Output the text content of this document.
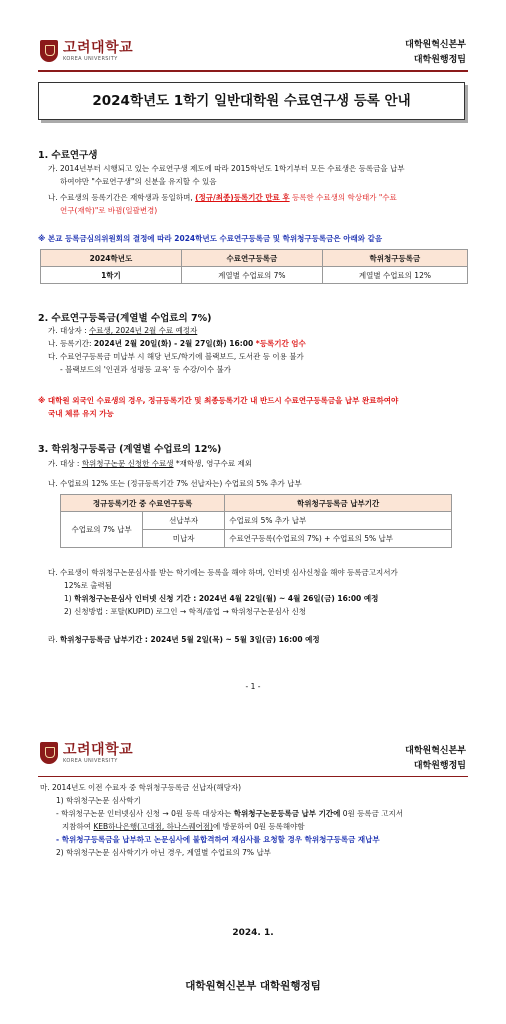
고려대학교
KOREA UNIVERSITY
대학원혁신본부
대학원행정팀
2024학년도 1학기 일반대학원 수료연구생 등록 안내
1. 수료연구생
가. 2014년부터 시행되고 있는 수료연구생 제도에 따라 2015학년도 1학기부터 모든 수료생은 등록금을 납부
하여야만 "수료연구생"의 신분을 유지할 수 있음
나. 수료생의 등록기간은 재학생과 동일하며, (정규/최종)등록기간 만료 후 등록한 수료생의 학상태가 "수료
연구(재학)"로 바뀜(일괄변경)
※ 본교 등록금심의위원회의 결정에 따라 2024학년도 수료연구등록금 및 학위청구등록금은 아래와 같음
2024학년도	수료연구등록금	학위청구등록금
1학기	계열별 수업료의 7%	계열별 수업료의 12%
2. 수료연구등록금(계열별 수업료의 7%)
가. 대상자 : 수료생, 2024년 2월 수료 예정자
나. 등록기간: 2024년 2월 20일(화) - 2월 27일(화) 16:00 *등록기간 엄수
다. 수료연구등록금 미납부 시 해당 년도/학기에 블랙보드, 도서관 등 이용 불가
- 블랙보드의 '인권과 성평등 교육' 등 수강/이수 불가
※ 대학원 외국인 수료생의 경우, 정규등록기간 및 최종등록기간 내 반드시 수료연구등록금을 납부 완료하여야
국내 체류 유지 가능
3. 학위청구등록금 (계열별 수업료의 12%)
가. 대상 : 학위청구논문 신청한 수료생 *재학생, 영구수료 제외
나. 수업료의 12% 또는 (정규등록기간 7% 선납자는) 수업료의 5% 추가 납부
정규등록기간 중 수료연구등록		학위청구등록금 납부기간
수업료의 7% 납부	선납부자	수업료의 5% 추가 납부
	미납자	수료연구등록(수업료의 7%) + 수업료의 5% 납부
다. 수료생이 학위청구논문심사를 받는 학기에는 등록을 해야 하며, 인터넷 심사신청을 해야 등록금고지서가
12%로 출력됨
1) 학위청구논문심사 인터넷 신청 기간 : 2024년 4월 22일(월) ~ 4월 26일(금) 16:00 예정
2) 신청방법 : 포탈(KUPID) 로그인 → 학적/졸업 → 학위청구논문심사 신청
라. 학위청구등록금 납부기간 : 2024년 5월 2일(목) ~ 5월 3일(금) 16:00 예정
- 1 -
고려대학교
KOREA UNIVERSITY
대학원혁신본부
대학원행정팀
마. 2014년도 이전 수료자 중 학위청구등록금 선납자(해당자)
1) 학위청구논문 심사학기
- 학위청구논문 인터넷심사 신청 → 0원 등록 대상자는 학위청구논문등록금 납부 기간에 0원 등록금 고지서
지참하여 KEB하나은행(고대점, 하나스퀘어점)에 방문하여 0원 등록해야함
- 학위청구등록금을 납부하고 논문심사에 불합격하여 재심사를 요청할 경우 학위청구등록금 재납부
2) 학위청구논문 심사학기가 아닌 경우, 계열별 수업료의 7% 납부
2024. 1.
대학원혁신본부 대학원행정팀
